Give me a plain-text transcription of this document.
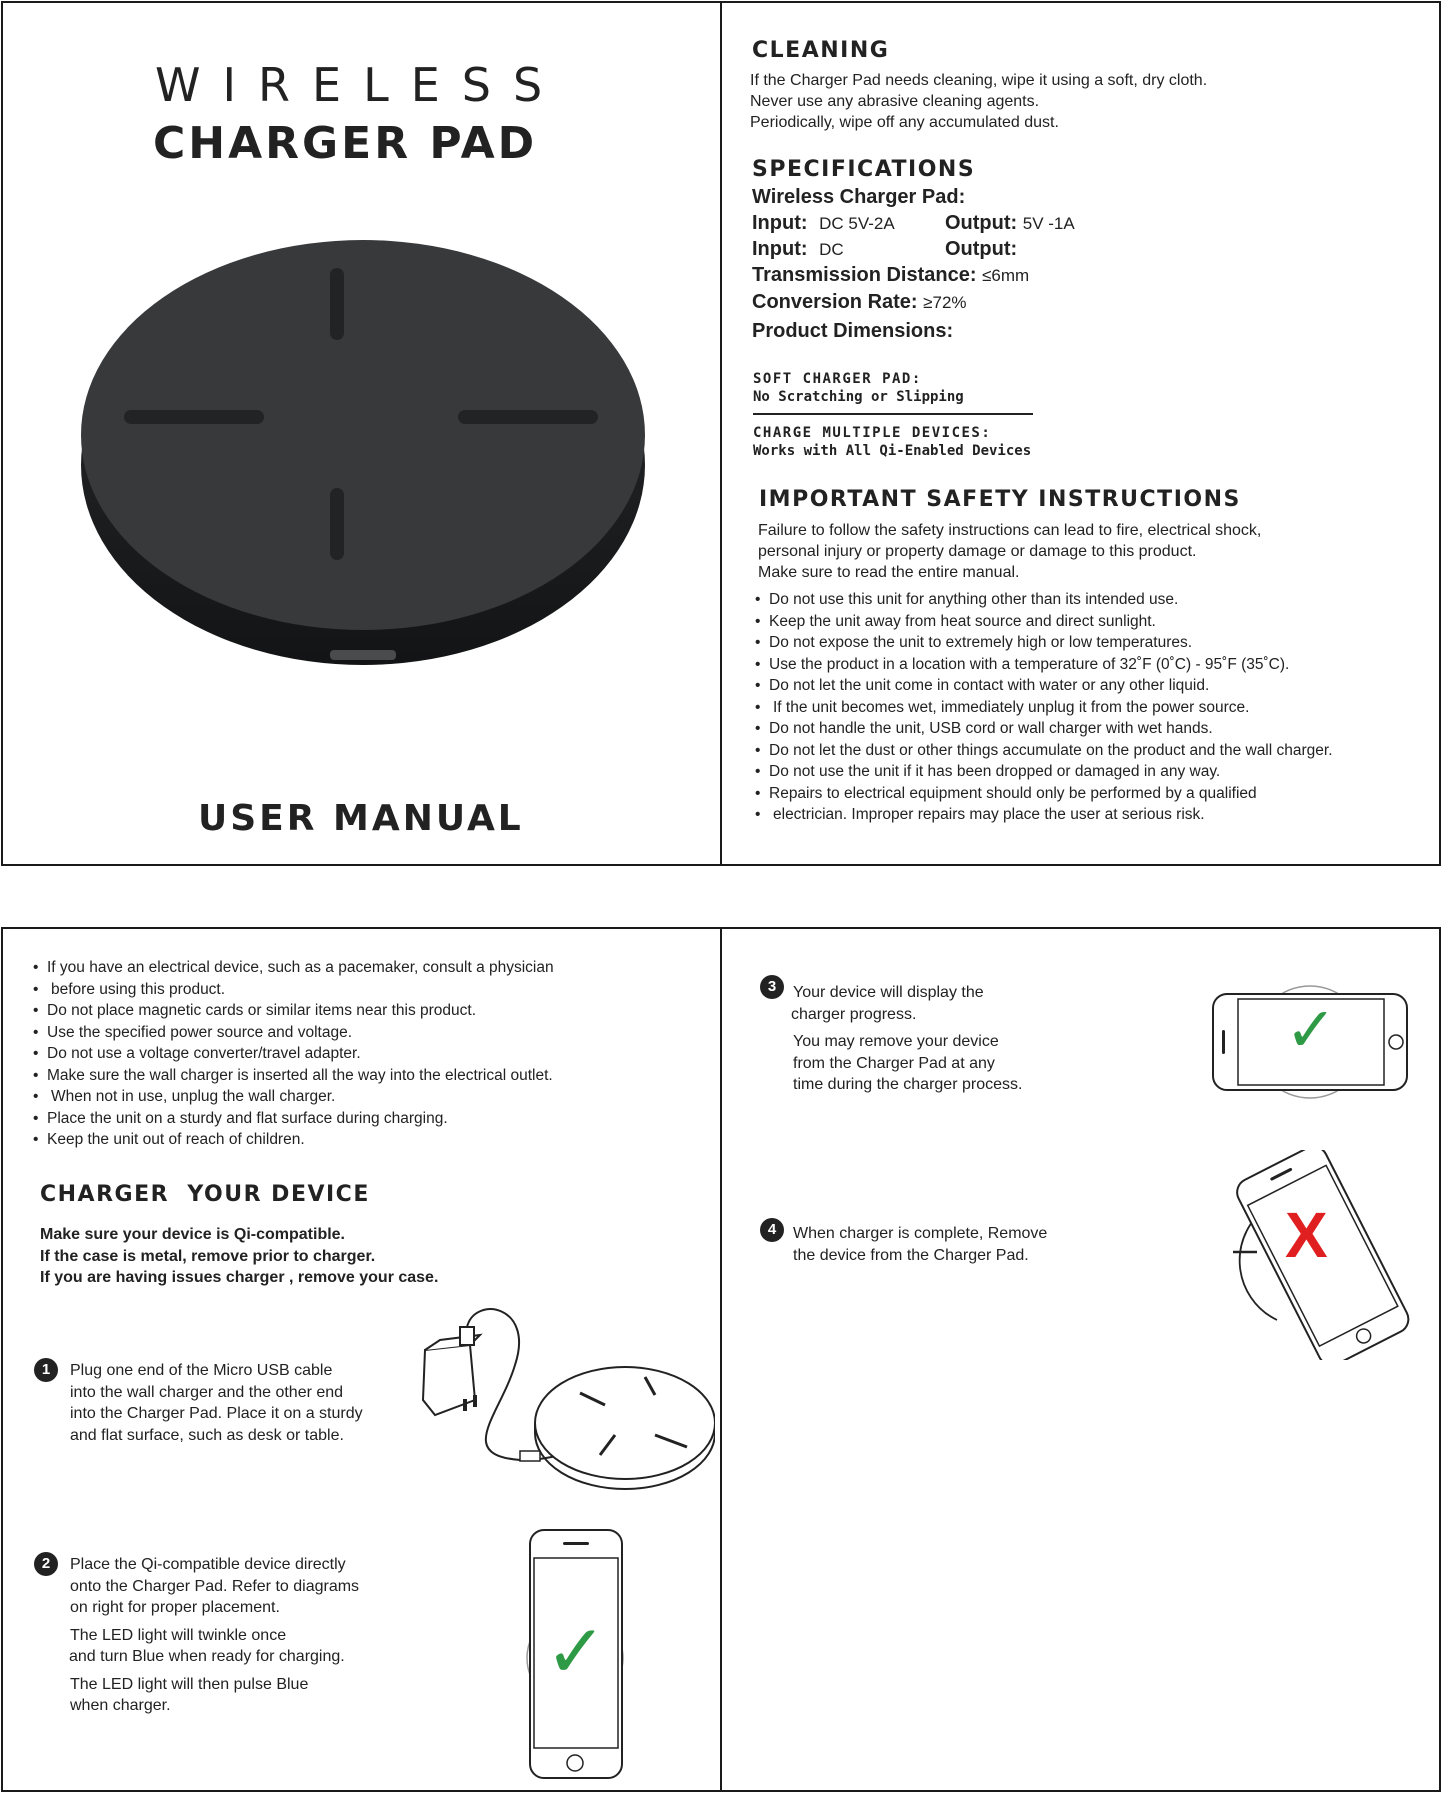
WIRELESS
CHARGER PAD
USER MANUAL
CLEANING
If the Charger Pad needs cleaning, wipe it using a soft, dry cloth.
Never use any abrasive cleaning agents.
Periodically, wipe off any accumulated dust.
SPECIFICATIONS
Wireless Charger Pad:
Input: DC 5V-2A	Output: 5V -1A
Input: DC	Output:
Transmission Distance: ≤6mm
Conversion Rate: ≥72%
Product Dimensions:
SOFT CHARGER PAD:
No Scratching or Slipping
CHARGE MULTIPLE DEVICES:
Works with All Qi-Enabled Devices
IMPORTANT SAFETY INSTRUCTIONS
Failure to follow the safety instructions can lead to fire, electrical shock,
personal injury or property damage or damage to this product.
Make sure to read the entire manual.
• Do not use this unit for anything other than its intended use.
• Keep the unit away from heat source and direct sunlight.
• Do not expose the unit to extremely high or low temperatures.
• Use the product in a location with a temperature of 32˚F (0˚C) - 95˚F (35˚C).
• Do not let the unit come in contact with water or any other liquid.
• If the unit becomes wet, immediately unplug it from the power source.
• Do not handle the unit, USB cord or wall charger with wet hands.
• Do not let the dust or other things accumulate on the product and the wall charger.
• Do not use the unit if it has been dropped or damaged in any way.
• Repairs to electrical equipment should only be performed by a qualified
• electrician. Improper repairs may place the user at serious risk.
• If you have an electrical device, such as a pacemaker, consult a physician
• before using this product.
• Do not place magnetic cards or similar items near this product.
• Use the specified power source and voltage.
• Do not use a voltage converter/travel adapter.
• Make sure the wall charger is inserted all the way into the electrical outlet.
• When not in use, unplug the wall charger.
• Place the unit on a sturdy and flat surface during charging.
• Keep the unit out of reach of children.
CHARGER  YOUR DEVICE
Make sure your device is Qi-compatible.
If the case is metal, remove prior to charger.
If you are having issues charger , remove your case.
1	Plug one end of the Micro USB cable
into the wall charger and the other end
into the Charger Pad. Place it on a sturdy
and flat surface, such as desk or table.
2	Place the Qi-compatible device directly
onto the Charger Pad. Refer to diagrams
on right for proper placement.
The LED light will twinkle once
and turn Blue when ready for charging.
The LED light will then pulse Blue
when charger.
✓
3	Your device will display the
charger progress.
You may remove your device
from the Charger Pad at any
time during the charger process.
✓
4	When charger is complete, Remove
the device from the Charger Pad.	X
